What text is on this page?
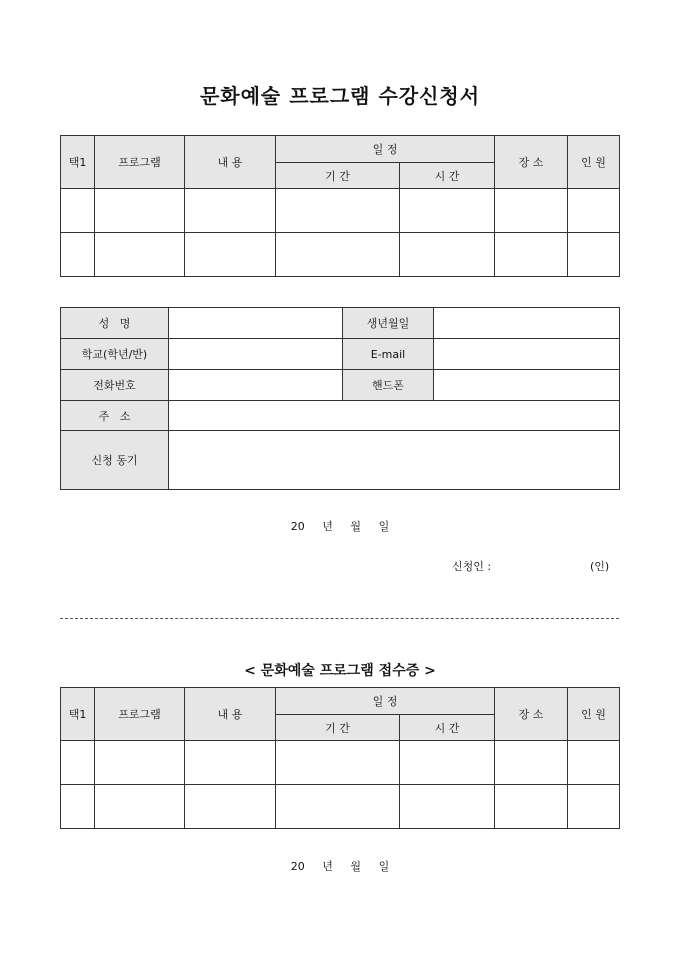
문화예술 프로그램 수강신청서
택1	프로그램	내 용	일 정		장 소	인 원
			기 간	시 간		

성   명		생년월일	
학교(학년/반)		E-mail	
전화번호		핸드폰	
주   소			
신청 동기			
20 년 월 일
신청인 :	(인)
< 문화예술 프로그램 접수증 >
택1	프로그램	내 용	일 정		장 소	인 원
			기 간	시 간		

20 년 월 일
